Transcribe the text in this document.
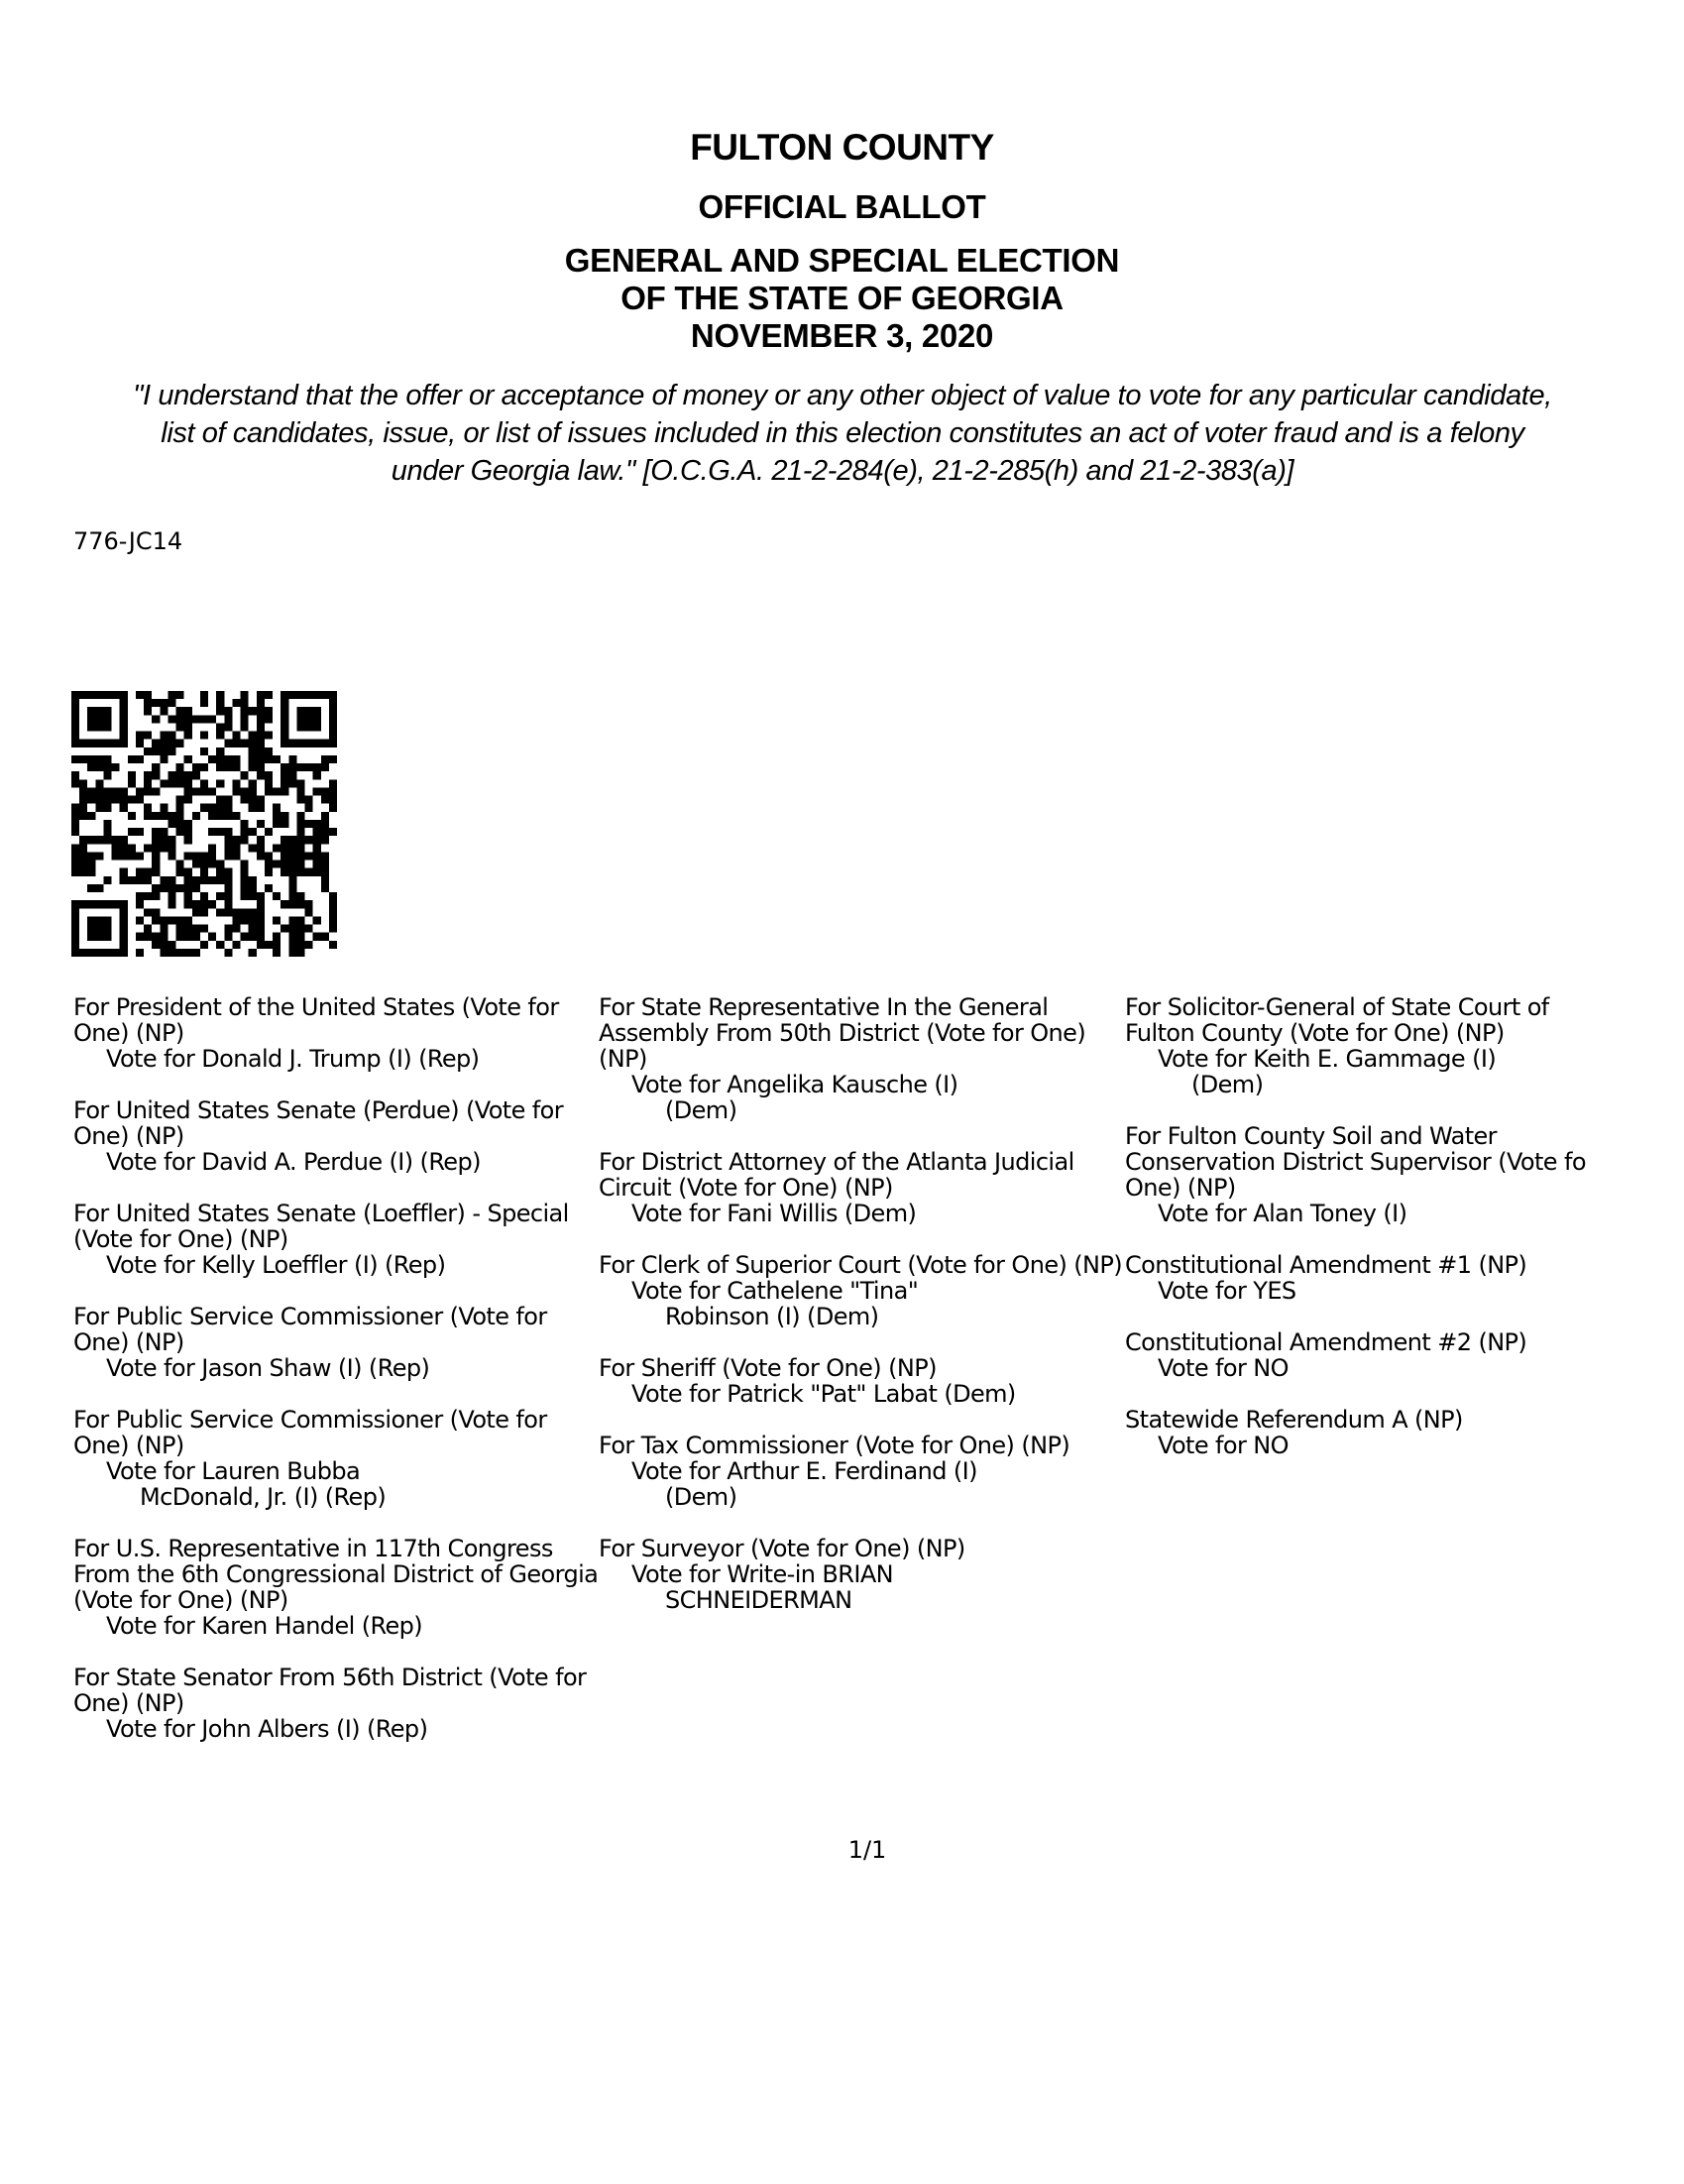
FULTON COUNTY
OFFICIAL BALLOT
GENERAL AND SPECIAL ELECTION
OF THE STATE OF GEORGIA
NOVEMBER 3, 2020
"I understand that the offer or acceptance of money or any other object of value to vote for any particular candidate,
list of candidates, issue, or list of issues included in this election constitutes an act of voter fraud and is a felony
under Georgia law." [O.C.G.A. 21-2-284(e), 21-2-285(h) and 21-2-383(a)]
776-JC14
For President of the United States (Vote for One) (NP)
Vote for Donald J. Trump (I) (Rep)
For United States Senate (Perdue) (Vote for One) (NP)
Vote for David A. Perdue (I) (Rep)
For United States Senate (Loeffler) - Special (Vote for One) (NP)
Vote for Kelly Loeffler (I) (Rep)
For Public Service Commissioner (Vote for One) (NP)
Vote for Jason Shaw (I) (Rep)
For Public Service Commissioner (Vote for One) (NP)
Vote for Lauren Bubba
McDonald, Jr. (I) (Rep)
For U.S. Representative in 117th Congress From the 6th Congressional District of Georgia (Vote for One) (NP)
Vote for Karen Handel (Rep)
For State Senator From 56th District (Vote for One) (NP)
Vote for John Albers (I) (Rep)
For State Representative In the General Assembly From 50th District (Vote for One) (NP)
Vote for Angelika Kausche (I)
(Dem)
For District Attorney of the Atlanta Judicial Circuit (Vote for One) (NP)
Vote for Fani Willis (Dem)
For Clerk of Superior Court (Vote for One) (NP)
Vote for Cathelene "Tina"
Robinson (I) (Dem)
For Sheriff (Vote for One) (NP)
Vote for Patrick "Pat" Labat (Dem)
For Tax Commissioner (Vote for One) (NP)
Vote for Arthur E. Ferdinand (I)
(Dem)
For Surveyor (Vote for One) (NP)
Vote for Write-in BRIAN
SCHNEIDERMAN
For Solicitor-General of State Court of
Fulton County (Vote for One) (NP)
Vote for Keith E. Gammage (I)
(Dem)
For Fulton County Soil and Water
Conservation District Supervisor (Vote fo
One) (NP)
Vote for Alan Toney (I)
Constitutional Amendment #1 (NP)
Vote for YES
Constitutional Amendment #2 (NP)
Vote for NO
Statewide Referendum A (NP)
Vote for NO
1/1
